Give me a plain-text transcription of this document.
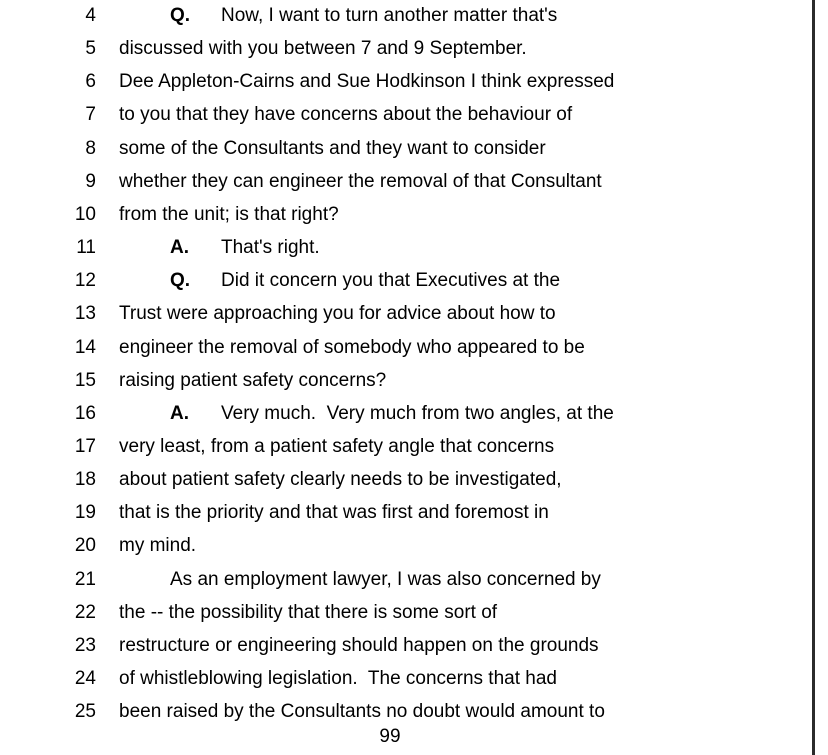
4	Q. Now, I want to turn another matter that's
5 discussed with you between 7 and 9 September.
6 Dee Appleton-Cairns and Sue Hodkinson I think expressed
7 to you that they have concerns about the behaviour of
8 some of the Consultants and they want to consider
9 whether they can engineer the removal of that Consultant
10 from the unit; is that right?
11	A. That's right.
12	Q. Did it concern you that Executives at the
13 Trust were approaching you for advice about how to
14 engineer the removal of somebody who appeared to be
15 raising patient safety concerns?
16	A. Very much.  Very much from two angles, at the
17 very least, from a patient safety angle that concerns
18 about patient safety clearly needs to be investigated,
19 that is the priority and that was first and foremost in
20 my mind.
21	As an employment lawyer, I was also concerned by
22 the -- the possibility that there is some sort of
23 restructure or engineering should happen on the grounds
24 of whistleblowing legislation.  The concerns that had
25 been raised by the Consultants no doubt would amount to
99
